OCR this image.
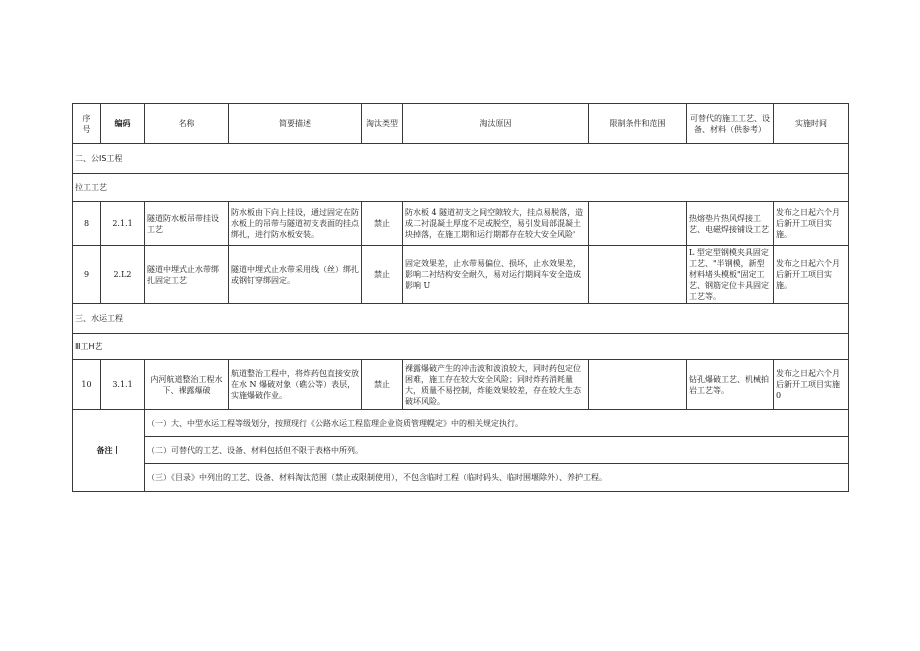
序
号	编码	名称	简要描述	淘汰类型	淘汰原因	限制条件和范围	可替代的施工工艺、设备、材料（供参考）	实施时间
二、公IS工程								
拉工工艺								
8	2.1.1	隧道防水板吊带挂设工艺	防水板由下向上挂设，通过固定在防水板上的吊带与隧道初支表面的挂点绑扎，进行防水板安装。	禁止	防水板 4 隧道初支之间空隙较大，挂点易脱落，造成二衬混凝土厚度不足或脱空，易引发局部混凝土块掉落，在施工期和运行期都存在较大安全风险'		热熔垫片热风焊接工艺、电磁焊接铺设工艺	发布之日起六个月后新开工项目实施。
9	2.L2	隧道中埋式止水带绑扎固定工艺	隧道中埋式止水带采用线（丝）绑扎或钢钉穿绑固定。	禁止	固定效果差，止水带易偏位、损坏，止水效果差，影响二衬结构安全耐久，易对运行期间车安全造成影响 U		L 型定型钢模夹具固定工艺、"半钢模，新型材料堵头模板"固定工艺、钢筋定位卡具固定工艺等。	发布之日起六个月后新开工项目实施。
三、水运工程								
Ⅲ工H艺								
10	3.1.1	内河航道整治工程水下、裸露爆破	航道整治工程中，将炸药包直接安放在水 N 爆破对象（礁公等）表层，实施爆破作业。	禁止	裸露爆破产生的冲击波和波浪较大，同时药包定位困难，施工存在较大安全风险；同时炸药消耗量大，质量不易控制，炸能效果较差，存在较大生态破坏风险。		钻孔爆破工艺、机械拍岩工艺等。	发布之日起六个月后新开工项目实施 0
备注丨		（一）大、中型水运工程等级划分，按照现行《公路水运工程监理企业资质管理幌定》中的相关规定执行。						
		（二）可替代的工艺、设备、材料包括但不限于表格中所列。						
		（三）《目录》中列出的工艺、设备、材料淘汰范围（禁止或限制使用），不包含临时工程（临时码头、临时围堰除外）、养护工程。						
